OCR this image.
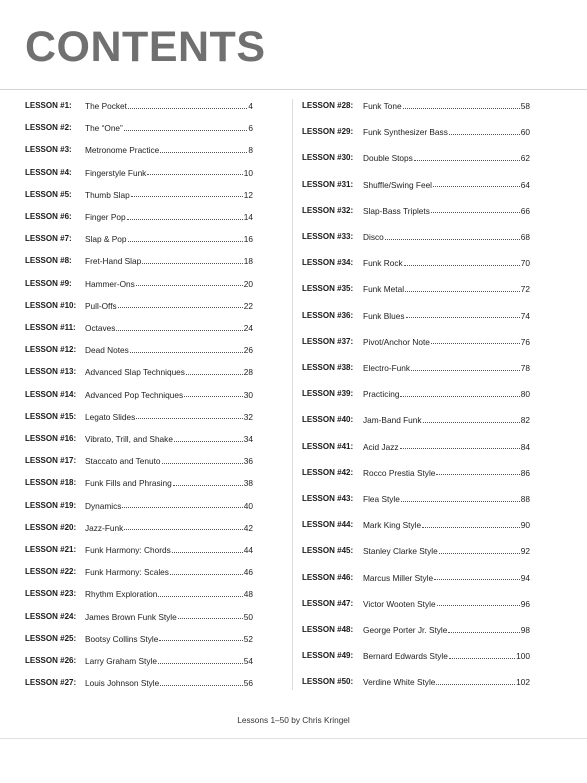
CONTENTS
LESSON #1:	The Pocket	4
LESSON #2:	The “One”	6
LESSON #3:	Metronome Practice	8
LESSON #4:	Fingerstyle Funk	10
LESSON #5:	Thumb Slap	12
LESSON #6:	Finger Pop	14
LESSON #7:	Slap & Pop	16
LESSON #8:	Fret-Hand Slap	18
LESSON #9:	Hammer-Ons	20
LESSON #10:	Pull-Offs	22
LESSON #11:	Octaves	24
LESSON #12:	Dead Notes	26
LESSON #13:	Advanced Slap Techniques	28
LESSON #14:	Advanced Pop Techniques	30
LESSON #15:	Legato Slides	32
LESSON #16:	Vibrato, Trill, and Shake	34
LESSON #17:	Staccato and Tenuto	36
LESSON #18:	Funk Fills and Phrasing	38
LESSON #19:	Dynamics	40
LESSON #20:	Jazz-Funk	42
LESSON #21:	Funk Harmony: Chords	44
LESSON #22:	Funk Harmony: Scales	46
LESSON #23:	Rhythm Exploration	48
LESSON #24:	James Brown Funk Style	50
LESSON #25:	Bootsy Collins Style	52
LESSON #26:	Larry Graham Style	54
LESSON #27:	Louis Johnson Style	56
LESSON #28:	Funk Tone	58
LESSON #29:	Funk Synthesizer Bass	60
LESSON #30:	Double Stops	62
LESSON #31:	Shuffle/Swing Feel	64
LESSON #32:	Slap-Bass Triplets	66
LESSON #33:	Disco	68
LESSON #34:	Funk Rock	70
LESSON #35:	Funk Metal	72
LESSON #36:	Funk Blues	74
LESSON #37:	Pivot/Anchor Note	76
LESSON #38:	Electro-Funk	78
LESSON #39:	Practicing	80
LESSON #40:	Jam-Band Funk	82
LESSON #41:	Acid Jazz	84
LESSON #42:	Rocco Prestia Style	86
LESSON #43:	Flea Style	88
LESSON #44:	Mark King Style	90
LESSON #45:	Stanley Clarke Style	92
LESSON #46:	Marcus Miller Style	94
LESSON #47:	Victor Wooten Style	96
LESSON #48:	George Porter Jr. Style	98
LESSON #49:	Bernard Edwards Style	100
LESSON #50:	Verdine White Style	102
Lessons 1–50 by Chris Kringel
